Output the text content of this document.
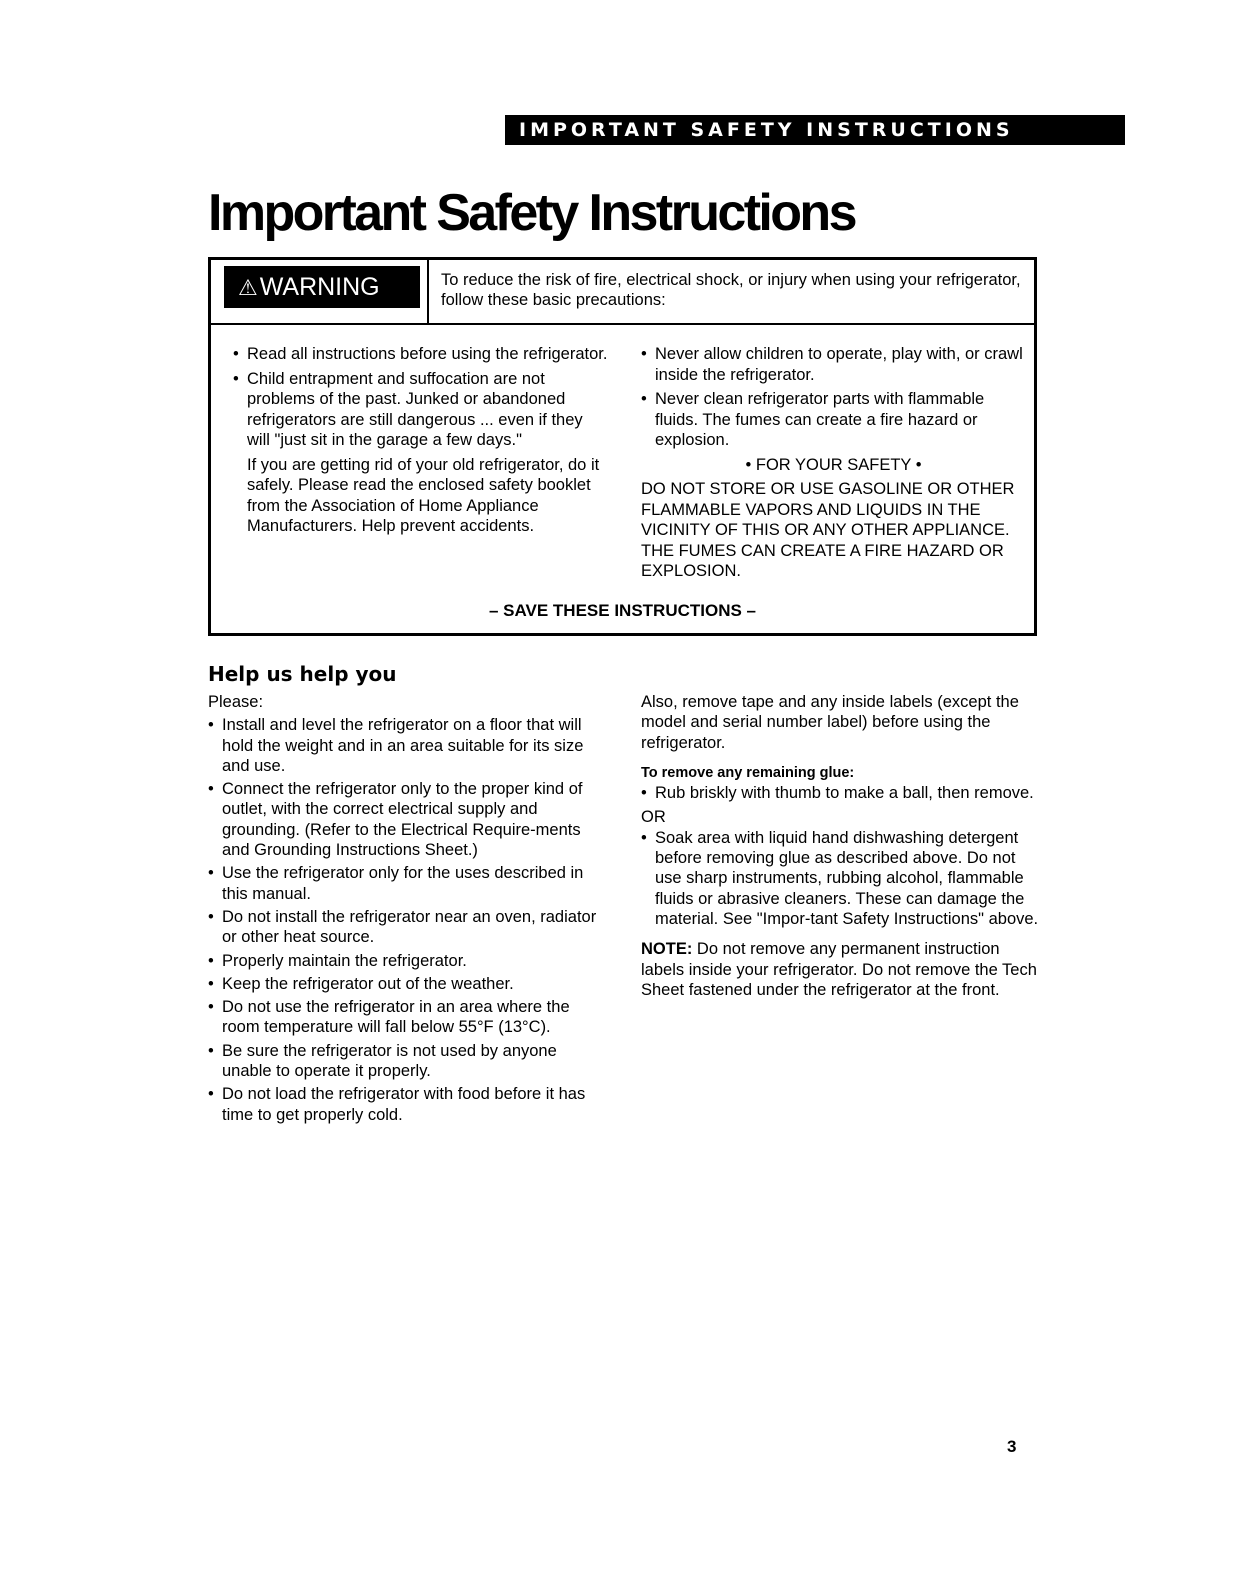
IMPORTANT SAFETY INSTRUCTIONS
Important Safety Instructions
⚠WARNING	To reduce the risk of fire, electrical shock, or injury when using your refrigerator, follow these basic precautions:
• Read all instructions before using the refrigerator.
• Child entrapment and suffocation are not problems of the past. Junked or abandoned refrigerators are still dangerous ... even if they will "just sit in the garage a few days."
If you are getting rid of your old refrigerator, do it safely. Please read the enclosed safety booklet from the Association of Home Appliance Manufacturers. Help prevent accidents.
• Never allow children to operate, play with, or crawl inside the refrigerator.
• Never clean refrigerator parts with flammable fluids. The fumes can create a fire hazard or explosion.
• FOR YOUR SAFETY •
DO NOT STORE OR USE GASOLINE OR OTHER FLAMMABLE VAPORS AND LIQUIDS IN THE VICINITY OF THIS OR ANY OTHER APPLIANCE. THE FUMES CAN CREATE A FIRE HAZARD OR EXPLOSION.
– SAVE THESE INSTRUCTIONS –
Help us help you
Please:
• Install and level the refrigerator on a floor that will hold the weight and in an area suitable for its size and use.
• Connect the refrigerator only to the proper kind of outlet, with the correct electrical supply and grounding. (Refer to the Electrical Require-ments and Grounding Instructions Sheet.)
• Use the refrigerator only for the uses described in this manual.
• Do not install the refrigerator near an oven, radiator or other heat source.
• Properly maintain the refrigerator.
• Keep the refrigerator out of the weather.
• Do not use the refrigerator in an area where the room temperature will fall below 55°F (13°C).
• Be sure the refrigerator is not used by anyone unable to operate it properly.
• Do not load the refrigerator with food before it has time to get properly cold.
Also, remove tape and any inside labels (except the model and serial number label) before using the refrigerator.
To remove any remaining glue:
• Rub briskly with thumb to make a ball, then remove.
OR
• Soak area with liquid hand dishwashing detergent before removing glue as described above. Do not use sharp instruments, rubbing alcohol, flammable fluids or abrasive cleaners. These can damage the material. See "Impor-tant Safety Instructions" above.
NOTE: Do not remove any permanent instruction labels inside your refrigerator. Do not remove the Tech Sheet fastened under the refrigerator at the front.
3
